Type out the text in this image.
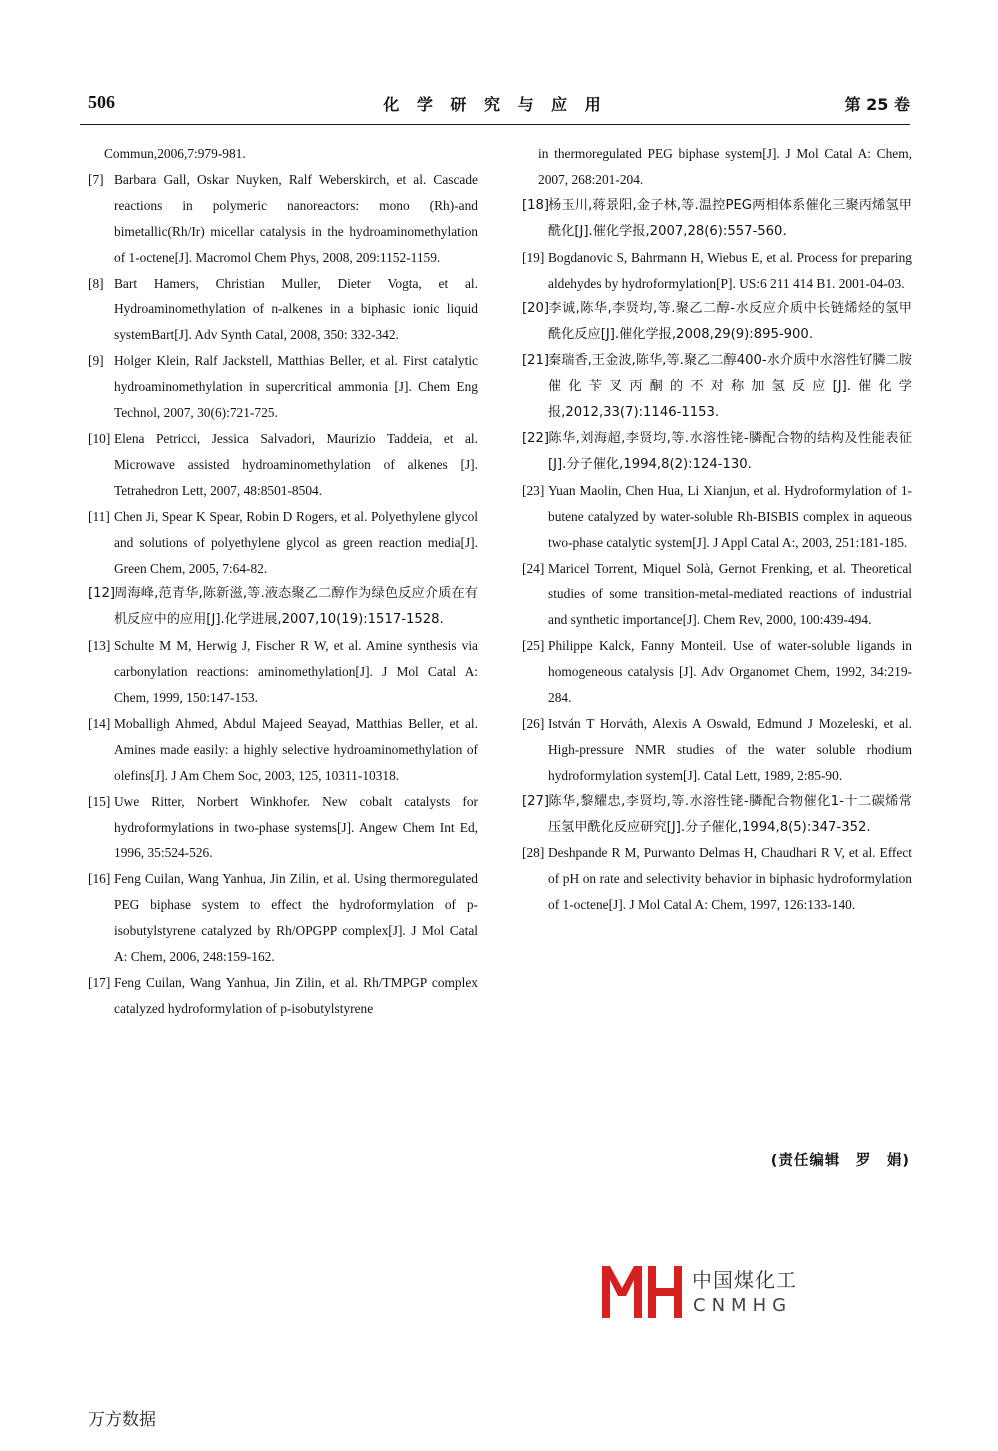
506	化 学 研 究 与 应 用	第 25 卷

Commun,2006,7:979-981.

[7] Barbara Gall, Oskar Nuyken, Ralf Weberskirch, et al. Cascade reactions in polymeric nanoreactors: mono (Rh)-and bimetallic(Rh/Ir) micellar catalysis in the hydroaminomethylation of 1-octene[J]. Macromol Chem Phys, 2008, 209:1152-1159.

[8] Bart Hamers, Christian Muller, Dieter Vogta, et al. Hydroaminomethylation of n-alkenes in a biphasic ionic liquid systemBart[J]. Adv Synth Catal, 2008, 350: 332-342.

[9] Holger Klein, Ralf Jackstell, Matthias Beller, et al. First catalytic hydroaminomethylation in supercritical ammonia [J]. Chem Eng Technol, 2007, 30(6):721-725.

[10] Elena Petricci, Jessica Salvadori, Maurizio Taddeia, et al. Microwave assisted hydroaminomethylation of alkenes [J]. Tetrahedron Lett, 2007, 48:8501-8504.

[11] Chen Ji, Spear K Spear, Robin D Rogers, et al. Polyethylene glycol and solutions of polyethylene glycol as green reaction media[J]. Green Chem, 2005, 7:64-82.

[12]周海峰,范青华,陈新滋,等.液态聚乙二醇作为绿色反应介质在有机反应中的应用[J].化学进展,2007,10(19):1517-1528.

[13] Schulte M M, Herwig J, Fischer R W, et al. Amine synthesis via carbonylation reactions: aminomethylation[J]. J Mol Catal A: Chem, 1999, 150:147-153.

[14] Moballigh Ahmed, Abdul Majeed Seayad, Matthias Beller, et al. Amines made easily: a highly selective hydroaminomethylation of olefins[J]. J Am Chem Soc, 2003, 125, 10311-10318.

[15] Uwe Ritter, Norbert Winkhofer. New cobalt catalysts for hydroformylations in two-phase systems[J]. Angew Chem Int Ed, 1996, 35:524-526.

[16] Feng Cuilan, Wang Yanhua, Jin Zilin, et al. Using thermoregulated PEG biphase system to effect the hydroformylation of p-isobutylstyrene catalyzed by Rh/OPGPP complex[J]. J Mol Catal A: Chem, 2006, 248:159-162.

[17] Feng Cuilan, Wang Yanhua, Jin Zilin, et al. Rh/TMPGP complex catalyzed hydroformylation of p-isobutylstyrene

in thermoregulated PEG biphase system[J]. J Mol Catal A: Chem, 2007, 268:201-204.

[18]杨玉川,蒋景阳,金子林,等.温控PEG两相体系催化三聚丙烯氢甲酰化[J].催化学报,2007,28(6):557-560.

[19] Bogdanovic S, Bahrmann H, Wiebus E, et al. Process for preparing aldehydes by hydroformylation[P]. US:6 211 414 B1. 2001-04-03.

[20]李诚,陈华,李贤均,等.聚乙二醇-水反应介质中长链烯烃的氢甲酰化反应[J].催化学报,2008,29(9):895-900.

[21]秦瑞香,王金波,陈华,等.聚乙二醇400-水介质中水溶性钌膦二胺催化苄叉丙酮的不对称加氢反应[J].催化学报,2012,33(7):1146-1153.

[22]陈华,刘海超,李贤均,等.水溶性铑-膦配合物的结构及性能表征[J].分子催化,1994,8(2):124-130.

[23] Yuan Maolin, Chen Hua, Li Xianjun, et al. Hydroformylation of 1-butene catalyzed by water-soluble Rh-BISBIS complex in aqueous two-phase catalytic system[J]. J Appl Catal A:, 2003, 251:181-185.

[24] Maricel Torrent, Miquel Solà, Gernot Frenking, et al. Theoretical studies of some transition-metal-mediated reactions of industrial and synthetic importance[J]. Chem Rev, 2000, 100:439-494.

[25] Philippe Kalck, Fanny Monteil. Use of water-soluble ligands in homogeneous catalysis [J]. Adv Organomet Chem, 1992, 34:219-284.

[26] István T Horváth, Alexis A Oswald, Edmund J Mozeleski, et al. High-pressure NMR studies of the water soluble rhodium hydroformylation system[J]. Catal Lett, 1989, 2:85-90.

[27]陈华,黎耀忠,李贤均,等.水溶性铑-膦配合物催化1-十二碳烯常压氢甲酰化反应研究[J].分子催化,1994,8(5):347-352.

[28] Deshpande R M, Purwanto Delmas H, Chaudhari R V, et al. Effect of pH on rate and selectivity behavior in biphasic hydroformylation of 1-octene[J]. J Mol Catal A: Chem, 1997, 126:133-140.

(责任编辑　罗　娟)
中国煤化工
CNMHG
万方数据
